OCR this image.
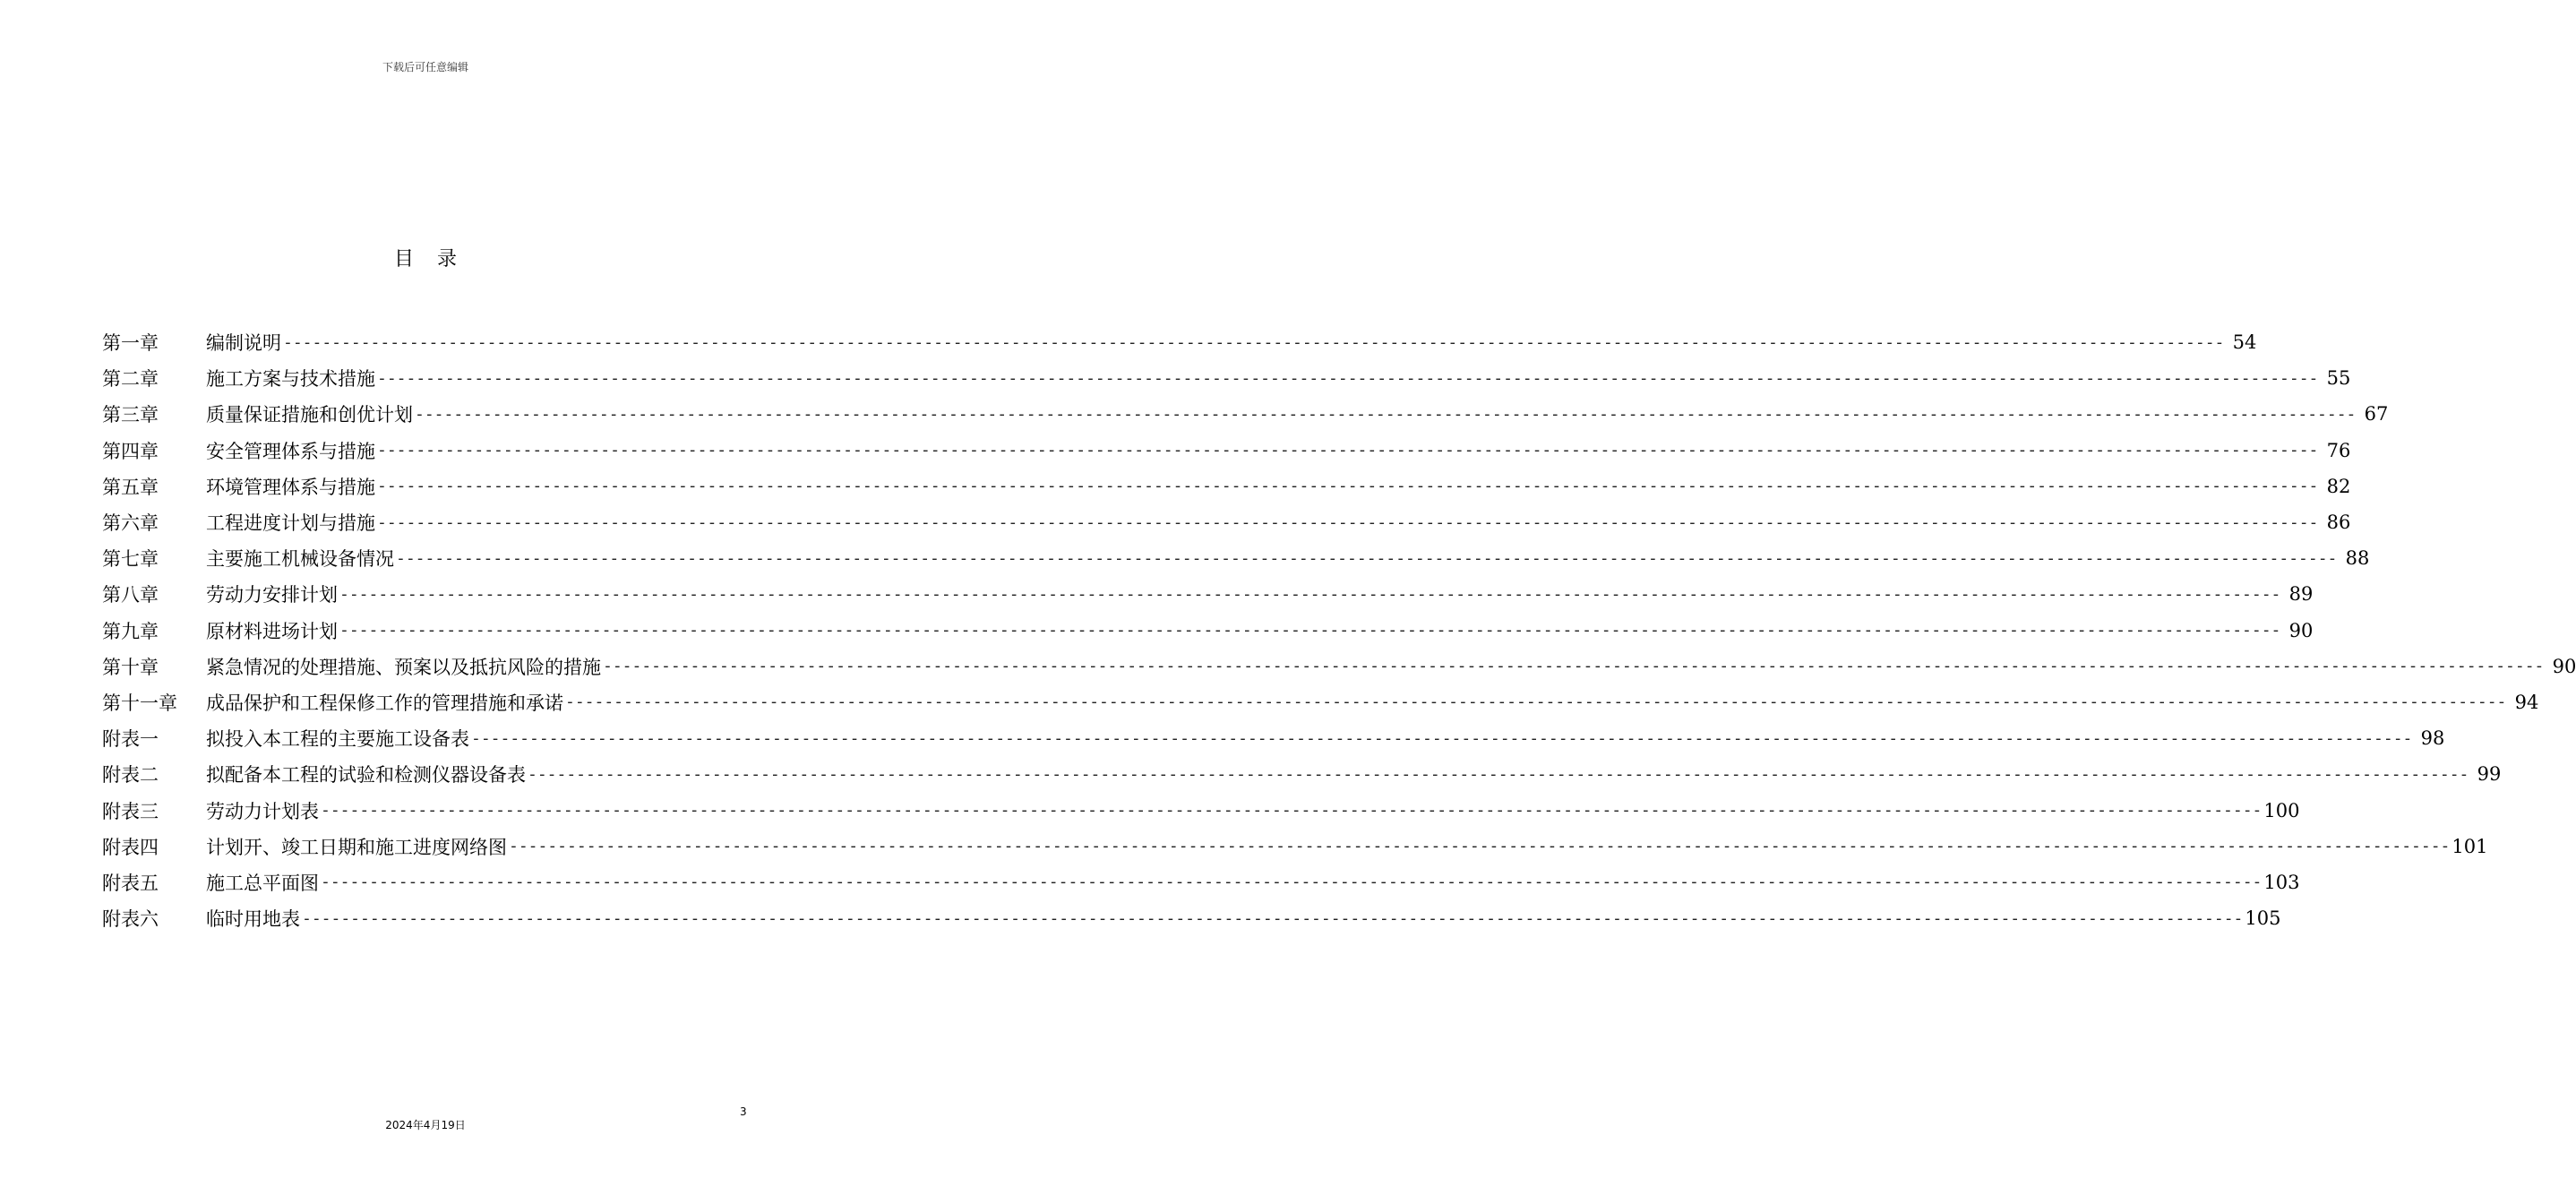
下载后可任意编辑
目录
第一章	编制说明 -------------------------------------------------------------------------------------------------------------------------------------------------------------------------------------------------------- 54
第二章	施工方案与技术措施 -------------------------------------------------------------------------------------------------------------------------------------------------------------------------------------------------------- 55
第三章	质量保证措施和创优计划 -------------------------------------------------------------------------------------------------------------------------------------------------------------------------------------------------------- 67
第四章	安全管理体系与措施 -------------------------------------------------------------------------------------------------------------------------------------------------------------------------------------------------------- 76
第五章	环境管理体系与措施 -------------------------------------------------------------------------------------------------------------------------------------------------------------------------------------------------------- 82
第六章	工程进度计划与措施 -------------------------------------------------------------------------------------------------------------------------------------------------------------------------------------------------------- 86
第七章	主要施工机械设备情况 -------------------------------------------------------------------------------------------------------------------------------------------------------------------------------------------------------- 88
第八章	劳动力安排计划 -------------------------------------------------------------------------------------------------------------------------------------------------------------------------------------------------------- 89
第九章	原材料进场计划 -------------------------------------------------------------------------------------------------------------------------------------------------------------------------------------------------------- 90
第十章	紧急情况的处理措施、预案以及抵抗风险的措施 -------------------------------------------------------------------------------------------------------------------------------------------------------------------------------------------------------- 90
第十一章	成品保护和工程保修工作的管理措施和承诺 -------------------------------------------------------------------------------------------------------------------------------------------------------------------------------------------------------- 94
附表一	拟投入本工程的主要施工设备表 -------------------------------------------------------------------------------------------------------------------------------------------------------------------------------------------------------- 98
附表二	拟配备本工程的试验和检测仪器设备表 -------------------------------------------------------------------------------------------------------------------------------------------------------------------------------------------------------- 99
附表三	劳动力计划表 -------------------------------------------------------------------------------------------------------------------------------------------------------------------------------------------------------- 100
附表四	计划开、竣工日期和施工进度网络图 -------------------------------------------------------------------------------------------------------------------------------------------------------------------------------------------------------- 101
附表五	施工总平面图 -------------------------------------------------------------------------------------------------------------------------------------------------------------------------------------------------------- 103
附表六	临时用地表 -------------------------------------------------------------------------------------------------------------------------------------------------------------------------------------------------------- 105
3
2024年4月19日
